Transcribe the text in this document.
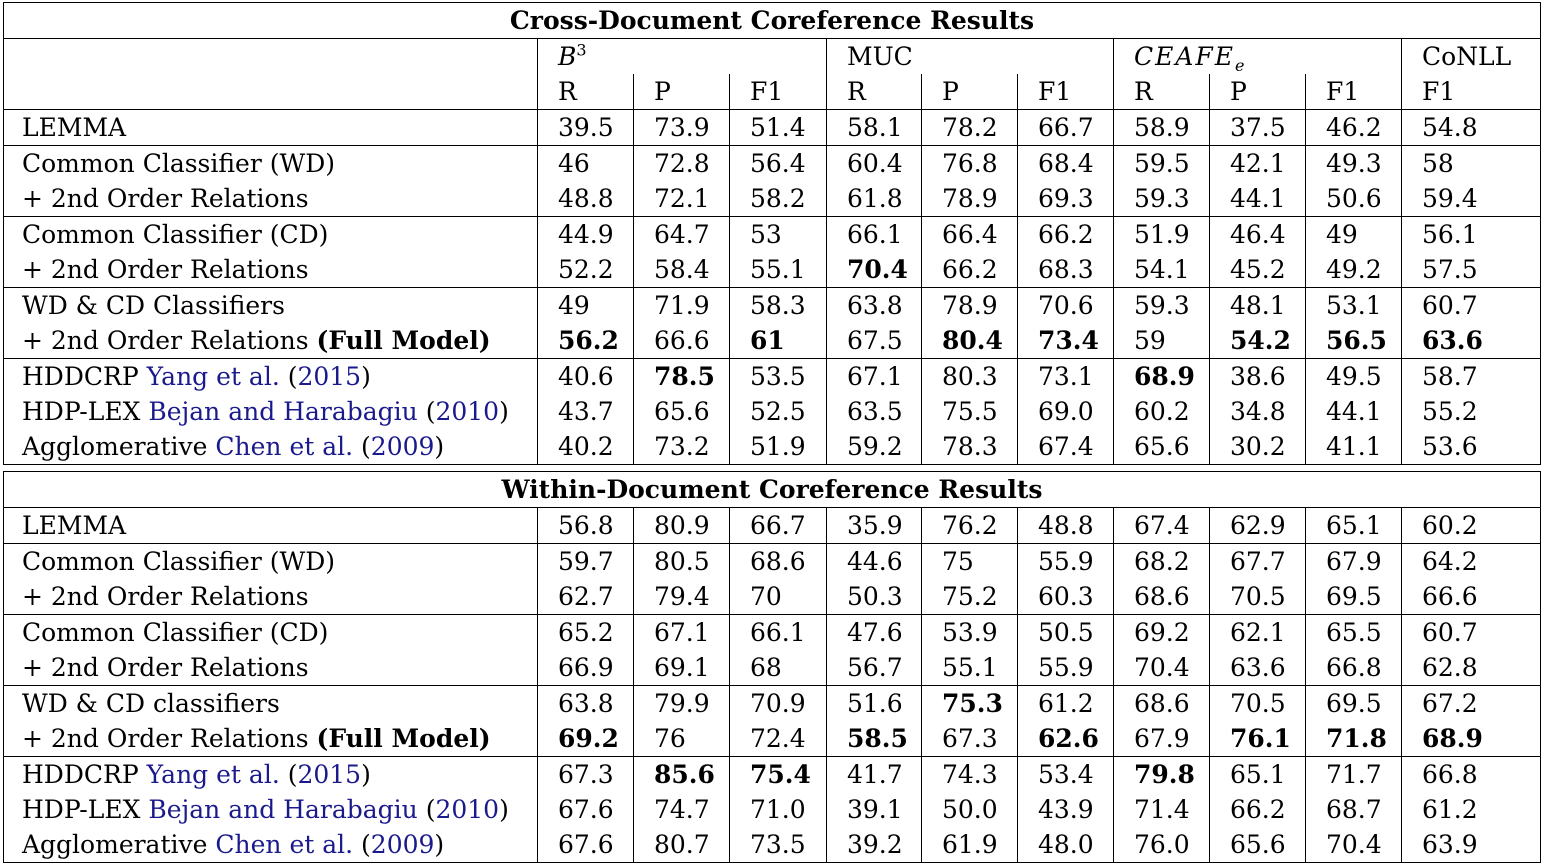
Cross-Document Coreference Results										
	$B^3$			MUC			$CEAFE_e$			CoNLL
	R	P	F1	R	P	F1	R	P	F1	F1
LEMMA	39.5	73.9	51.4	58.1	78.2	66.7	58.9	37.5	46.2	54.8
Common Classifier (WD)	46	72.8	56.4	60.4	76.8	68.4	59.5	42.1	49.3	58
+ 2nd Order Relations	48.8	72.1	58.2	61.8	78.9	69.3	59.3	44.1	50.6	59.4
Common Classifier (CD)	44.9	64.7	53	66.1	66.4	66.2	51.9	46.4	49	56.1
+ 2nd Order Relations	52.2	58.4	55.1	70.4	66.2	68.3	54.1	45.2	49.2	57.5
WD & CD Classifiers	49	71.9	58.3	63.8	78.9	70.6	59.3	48.1	53.1	60.7
+ 2nd Order Relations (Full Model)	56.2	66.6	61	67.5	80.4	73.4	59	54.2	56.5	63.6
HDDCRP Yang et al. (2015)	40.6	78.5	53.5	67.1	80.3	73.1	68.9	38.6	49.5	58.7
HDP-LEX Bejan and Harabagiu (2010)	43.7	65.6	52.5	63.5	75.5	69.0	60.2	34.8	44.1	55.2
Agglomerative Chen et al. (2009)	40.2	73.2	51.9	59.2	78.3	67.4	65.6	30.2	41.1	53.6

Within-Document Coreference Results										
LEMMA	56.8	80.9	66.7	35.9	76.2	48.8	67.4	62.9	65.1	60.2
Common Classifier (WD)	59.7	80.5	68.6	44.6	75	55.9	68.2	67.7	67.9	64.2
+ 2nd Order Relations	62.7	79.4	70	50.3	75.2	60.3	68.6	70.5	69.5	66.6
Common Classifier (CD)	65.2	67.1	66.1	47.6	53.9	50.5	69.2	62.1	65.5	60.7
+ 2nd Order Relations	66.9	69.1	68	56.7	55.1	55.9	70.4	63.6	66.8	62.8
WD & CD classifiers	63.8	79.9	70.9	51.6	75.3	61.2	68.6	70.5	69.5	67.2
+ 2nd Order Relations (Full Model)	69.2	76	72.4	58.5	67.3	62.6	67.9	76.1	71.8	68.9
HDDCRP Yang et al. (2015)	67.3	85.6	75.4	41.7	74.3	53.4	79.8	65.1	71.7	66.8
HDP-LEX Bejan and Harabagiu (2010)	67.6	74.7	71.0	39.1	50.0	43.9	71.4	66.2	68.7	61.2
Agglomerative Chen et al. (2009)	67.6	80.7	73.5	39.2	61.9	48.0	76.0	65.6	70.4	63.9
